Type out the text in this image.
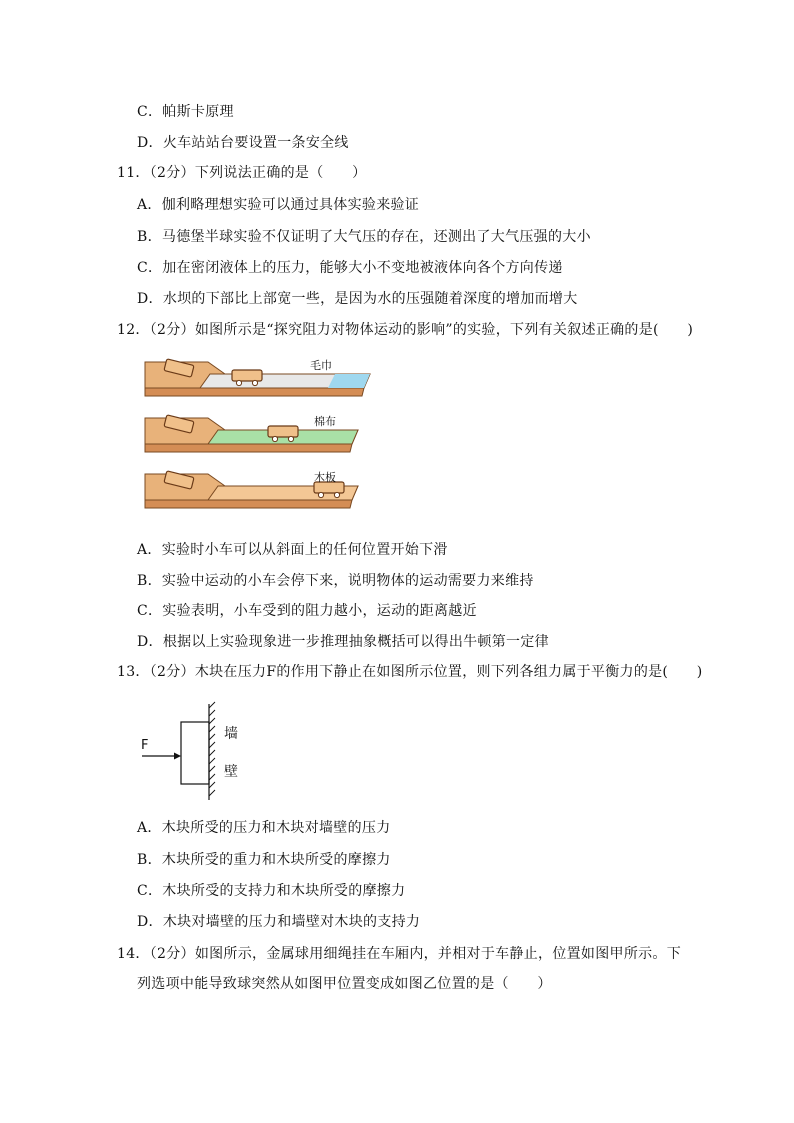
C．帕斯卡原理
D．火车站站台要设置一条安全线
11．（2分）下列说法正确的是（　　）
A．伽利略理想实验可以通过具体实验来验证
B．马德堡半球实验不仅证明了大气压的存在，还测出了大气压强的大小
C．加在密闭液体上的压力，能够大小不变地被液体向各个方向传递
D．水坝的下部比上部宽一些，是因为水的压强随着深度的增加而增大
12．（2分）如图所示是“探究阻力对物体运动的影响”的实验，下列有关叙述正确的是(　　)
毛巾
棉布
木板
A．实验时小车可以从斜面上的任何位置开始下滑
B．实验中运动的小车会停下来，说明物体的运动需要力来维持
C．实验表明，小车受到的阻力越小，运动的距离越近
D．根据以上实验现象进一步推理抽象概括可以得出牛顿第一定律
13．（2分）木块在压力F的作用下静止在如图所示位置，则下列各组力属于平衡力的是(　　)
F
墙
壁
A．木块所受的压力和木块对墙壁的压力
B．木块所受的重力和木块所受的摩擦力
C．木块所受的支持力和木块所受的摩擦力
D．木块对墙壁的压力和墙壁对木块的支持力
14．（2分）如图所示，金属球用细绳挂在车厢内，并相对于车静止，位置如图甲所示。下
列选项中能导致球突然从如图甲位置变成如图乙位置的是（　　）
